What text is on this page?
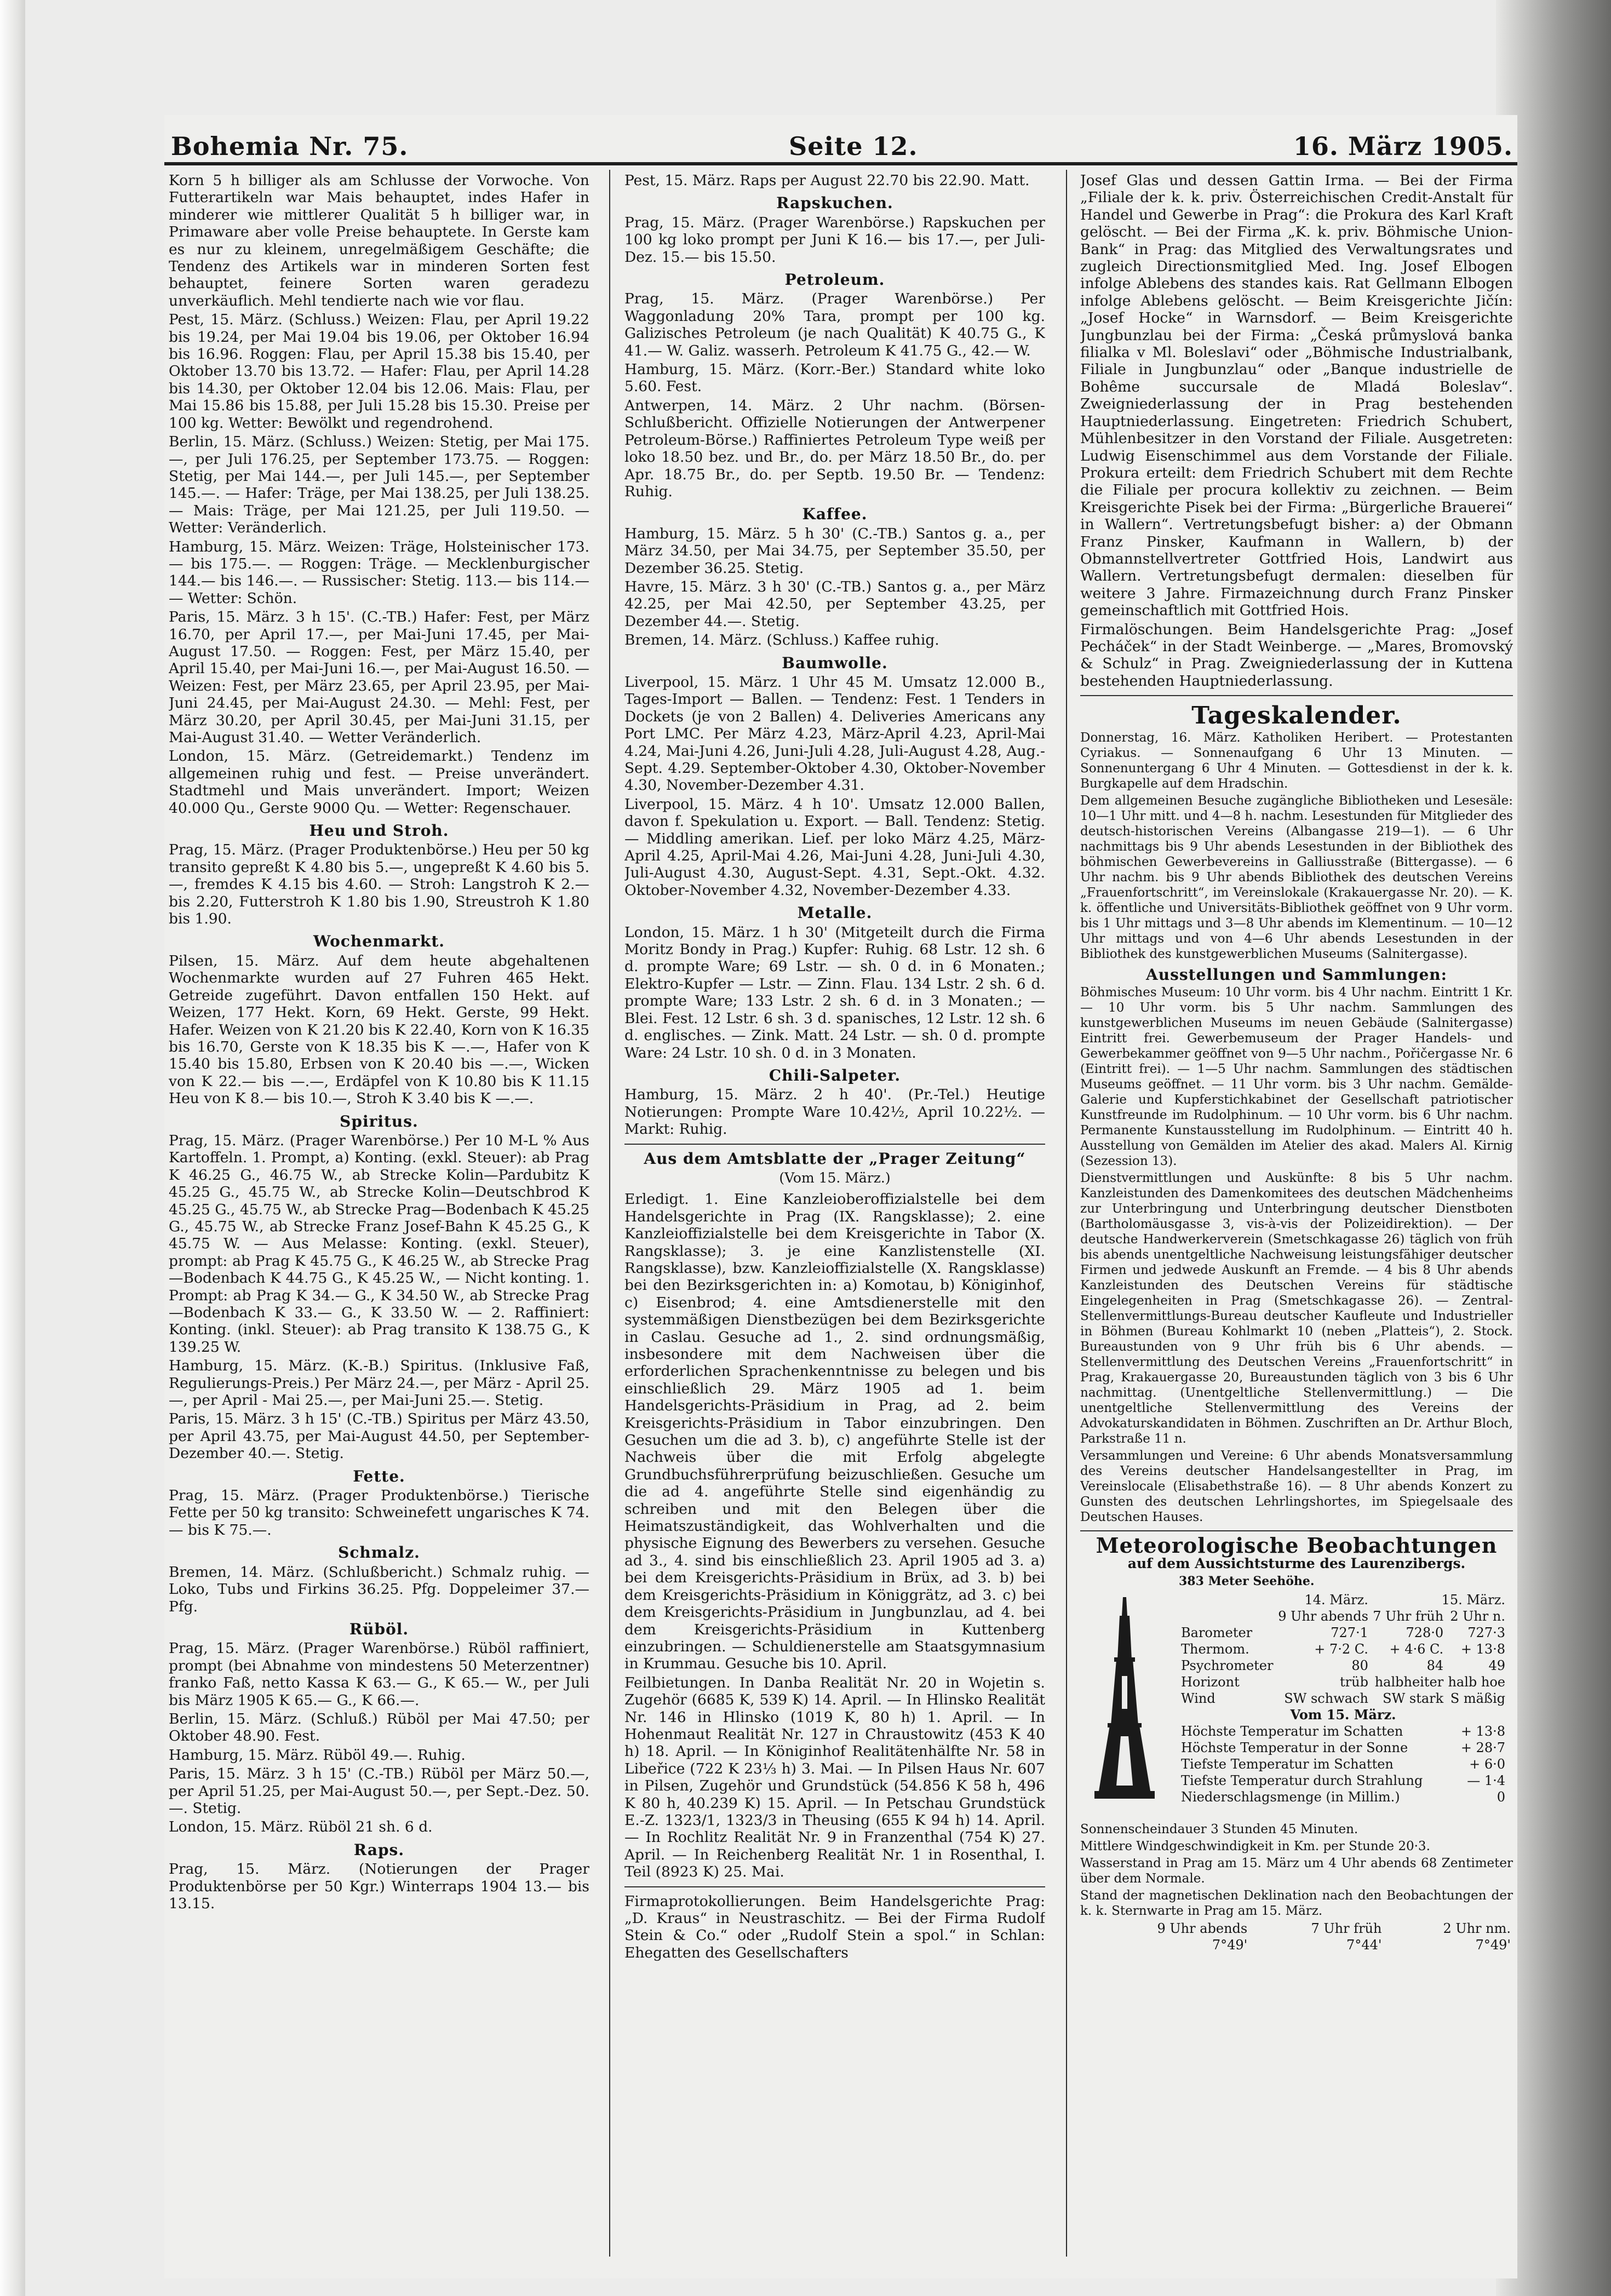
Bohemia Nr. 75.	Seite 12.	16. März 1905.

Korn 5 h billiger als am Schlusse der Vorwoche. Von Futterartikeln war Mais behauptet, indes Hafer in minderer wie mittlerer Qualität 5 h billiger war, in Primaware aber volle Preise behauptete. In Gerste kam es nur zu kleinem, unregelmäßigem Geschäfte; die Tendenz des Artikels war in minderen Sorten fest behauptet, feinere Sorten waren geradezu unverkäuflich. Mehl tendierte nach wie vor flau.

Pest, 15. März. (Schluss.) Weizen: Flau, per April 19.22 bis 19.24, per Mai 19.04 bis 19.06, per Oktober 16.94 bis 16.96. Roggen: Flau, per April 15.38 bis 15.40, per Oktober 13.70 bis 13.72. — Hafer: Flau, per April 14.28 bis 14.30, per Oktober 12.04 bis 12.06. Mais: Flau, per Mai 15.86 bis 15.88, per Juli 15.28 bis 15.30. Preise per 100 kg. Wetter: Bewölkt und regendrohend.

Berlin, 15. März. (Schluss.) Weizen: Stetig, per Mai 175.—, per Juli 176.25, per September 173.75. — Roggen: Stetig, per Mai 144.—, per Juli 145.—, per September 145.—. — Hafer: Träge, per Mai 138.25, per Juli 138.25. — Mais: Träge, per Mai 121.25, per Juli 119.50. — Wetter: Veränderlich.

Hamburg, 15. März. Weizen: Träge, Holsteinischer 173.— bis 175.—. — Roggen: Träge. — Mecklenburgischer 144.— bis 146.—. — Russischer: Stetig. 113.— bis 114.— — Wetter: Schön.

Paris, 15. März. 3 h 15'. (C.-TB.) Hafer: Fest, per März 16.70, per April 17.—, per Mai-Juni 17.45, per Mai-August 17.50. — Roggen: Fest, per März 15.40, per April 15.40, per Mai-Juni 16.—, per Mai-August 16.50. — Weizen: Fest, per März 23.65, per April 23.95, per Mai-Juni 24.45, per Mai-August 24.30. — Mehl: Fest, per März 30.20, per April 30.45, per Mai-Juni 31.15, per Mai-August 31.40. — Wetter Veränderlich.

London, 15. März. (Getreidemarkt.) Tendenz im allgemeinen ruhig und fest. — Preise unverändert. Stadtmehl und Mais unverändert. Import; Weizen 40.000 Qu., Gerste 9000 Qu. — Wetter: Regenschauer.

Heu und Stroh.

Prag, 15. März. (Prager Produktenbörse.) Heu per 50 kg transito gepreßt K 4.80 bis 5.—, ungepreßt K 4.60 bis 5.—, fremdes K 4.15 bis 4.60. — Stroh: Langstroh K 2.— bis 2.20, Futterstroh K 1.80 bis 1.90, Streustroh K 1.80 bis 1.90.

Wochenmarkt.

Pilsen, 15. März. Auf dem heute abgehaltenen Wochenmarkte wurden auf 27 Fuhren 465 Hekt. Getreide zugeführt. Davon entfallen 150 Hekt. auf Weizen, 177 Hekt. Korn, 69 Hekt. Gerste, 99 Hekt. Hafer. Weizen von K 21.20 bis K 22.40, Korn von K 16.35 bis 16.70, Gerste von K 18.35 bis K —.—, Hafer von K 15.40 bis 15.80, Erbsen von K 20.40 bis —.—, Wicken von K 22.— bis —.—, Erdäpfel von K 10.80 bis K 11.15 Heu von K 8.— bis 10.—, Stroh K 3.40 bis K —.—.

Spiritus.

Prag, 15. März. (Prager Warenbörse.) Per 10 M-L % Aus Kartoffeln. 1. Prompt, a) Konting. (exkl. Steuer): ab Prag K 46.25 G., 46.75 W., ab Strecke Kolin—Pardubitz K 45.25 G., 45.75 W., ab Strecke Kolin—Deutschbrod K 45.25 G., 45.75 W., ab Strecke Prag—Bodenbach K 45.25 G., 45.75 W., ab Strecke Franz Josef-Bahn K 45.25 G., K 45.75 W. — Aus Melasse: Konting. (exkl. Steuer), prompt: ab Prag K 45.75 G., K 46.25 W., ab Strecke Prag—Bodenbach K 44.75 G., K 45.25 W., — Nicht konting. 1. Prompt: ab Prag K 34.— G., K 34.50 W., ab Strecke Prag—Bodenbach K 33.— G., K 33.50 W. — 2. Raffiniert: Konting. (inkl. Steuer): ab Prag transito K 138.75 G., K 139.25 W.

Hamburg, 15. März. (K.-B.) Spiritus. (Inklusive Faß, Regulierungs-Preis.) Per März 24.—, per März - April 25.—, per April - Mai 25.—, per Mai-Juni 25.—. Stetig.

Paris, 15. März. 3 h 15' (C.-TB.) Spiritus per März 43.50, per April 43.75, per Mai-August 44.50, per September-Dezember 40.—. Stetig.

Fette.

Prag, 15. März. (Prager Produktenbörse.) Tierische Fette per 50 kg transito: Schweinefett ungarisches K 74.— bis K 75.—.

Schmalz.

Bremen, 14. März. (Schlußbericht.) Schmalz ruhig. — Loko, Tubs und Firkins 36.25. Pfg. Doppeleimer 37.— Pfg.

Rüböl.

Prag, 15. März. (Prager Warenbörse.) Rüböl raffiniert, prompt (bei Abnahme von mindestens 50 Meterzentner) franko Faß, netto Kassa K 63.— G., K 65.— W., per Juli bis März 1905 K 65.— G., K 66.—.

Berlin, 15. März. (Schluß.) Rüböl per Mai 47.50; per Oktober 48.90. Fest.

Hamburg, 15. März. Rüböl 49.—. Ruhig.

Paris, 15. März. 3 h 15' (C.-TB.) Rüböl per März 50.—, per April 51.25, per Mai-August 50.—, per Sept.-Dez. 50.—. Stetig.

London, 15. März. Rüböl 21 sh. 6 d.

Raps.

Prag, 15. März. (Notierungen der Prager Produktenbörse per 50 Kgr.) Winterraps 1904 13.— bis 13.15.

Pest, 15. März. Raps per August 22.70 bis 22.90. Matt.

Rapskuchen.

Prag, 15. März. (Prager Warenbörse.) Rapskuchen per 100 kg loko prompt per Juni K 16.— bis 17.—, per Juli-Dez. 15.— bis 15.50.

Petroleum.

Prag, 15. März. (Prager Warenbörse.) Per Waggonladung 20% Tara, prompt per 100 kg. Galizisches Petroleum (je nach Qualität) K 40.75 G., K 41.— W. Galiz. wasserh. Petroleum K 41.75 G., 42.— W.

Hamburg, 15. März. (Korr.-Ber.) Standard white loko 5.60. Fest.

Antwerpen, 14. März. 2 Uhr nachm. (Börsen-Schlußbericht. Offizielle Notierungen der Antwerpener Petroleum-Börse.) Raffiniertes Petroleum Type weiß per loko 18.50 bez. und Br., do. per März 18.50 Br., do. per Apr. 18.75 Br., do. per Septb. 19.50 Br. — Tendenz: Ruhig.

Kaffee.

Hamburg, 15. März. 5 h 30' (C.-TB.) Santos g. a., per März 34.50, per Mai 34.75, per September 35.50, per Dezember 36.25. Stetig.

Havre, 15. März. 3 h 30' (C.-TB.) Santos g. a., per März 42.25, per Mai 42.50, per September 43.25, per Dezember 44.—. Stetig.

Bremen, 14. März. (Schluss.) Kaffee ruhig.

Baumwolle.

Liverpool, 15. März. 1 Uhr 45 M. Umsatz 12.000 B., Tages-Import — Ballen. — Tendenz: Fest. 1 Tenders in Dockets (je von 2 Ballen) 4. Deliveries Americans any Port LMC. Per März 4.23, März-April 4.23, April-Mai 4.24, Mai-Juni 4.26, Juni-Juli 4.28, Juli-August 4.28, Aug.-Sept. 4.29. September-Oktober 4.30, Oktober-November 4.30, November-Dezember 4.31.

Liverpool, 15. März. 4 h 10'. Umsatz 12.000 Ballen, davon f. Spekulation u. Export. — Ball. Tendenz: Stetig. — Middling amerikan. Lief. per loko März 4.25, März-April 4.25, April-Mai 4.26, Mai-Juni 4.28, Juni-Juli 4.30, Juli-August 4.30, August-Sept. 4.31, Sept.-Okt. 4.32. Oktober-November 4.32, November-Dezember 4.33.

Metalle.

London, 15. März. 1 h 30' (Mitgeteilt durch die Firma Moritz Bondy in Prag.) Kupfer: Ruhig. 68 Lstr. 12 sh. 6 d. prompte Ware; 69 Lstr. — sh. 0 d. in 6 Monaten.; Elektro-Kupfer — Lstr. — Zinn. Flau. 134 Lstr. 2 sh. 6 d. prompte Ware; 133 Lstr. 2 sh. 6 d. in 3 Monaten.; — Blei. Fest. 12 Lstr. 6 sh. 3 d. spanisches, 12 Lstr. 12 sh. 6 d. englisches. — Zink. Matt. 24 Lstr. — sh. 0 d. prompte Ware: 24 Lstr. 10 sh. 0 d. in 3 Monaten.

Chili-Salpeter.

Hamburg, 15. März. 2 h 40'. (Pr.-Tel.) Heutige Notierungen: Prompte Ware 10.42½, April 10.22½. — Markt: Ruhig.

Aus dem Amtsblatte der „Prager Zeitung“
(Vom 15. März.)

Erledigt. 1. Eine Kanzleioberoffizialstelle bei dem Handelsgerichte in Prag (IX. Rangsklasse); 2. eine Kanzleioffizialstelle bei dem Kreisgerichte in Tabor (X. Rangsklasse); 3. je eine Kanzlistenstelle (XI. Rangsklasse), bzw. Kanzleioffizialstelle (X. Rangsklasse) bei den Bezirksgerichten in: a) Komotau, b) Königinhof, c) Eisenbrod; 4. eine Amtsdienerstelle mit den systemmäßigen Dienstbezügen bei dem Bezirksgerichte in Caslau. Gesuche ad 1., 2. sind ordnungsmäßig, insbesondere mit dem Nachweisen über die erforderlichen Sprachenkenntnisse zu belegen und bis einschließlich 29. März 1905 ad 1. beim Handelsgerichts-Präsidium in Prag, ad 2. beim Kreisgerichts-Präsidium in Tabor einzubringen. Den Gesuchen um die ad 3. b), c) angeführte Stelle ist der Nachweis über die mit Erfolg abgelegte Grundbuchsführerprüfung beizuschließen. Gesuche um die ad 4. angeführte Stelle sind eigenhändig zu schreiben und mit den Belegen über die Heimatszuständigkeit, das Wohlverhalten und die physische Eignung des Bewerbers zu versehen. Gesuche ad 3., 4. sind bis einschließlich 23. April 1905 ad 3. a) bei dem Kreisgerichts-Präsidium in Brüx, ad 3. b) bei dem Kreisgerichts-Präsidium in Königgrätz, ad 3. c) bei dem Kreisgerichts-Präsidium in Jungbunzlau, ad 4. bei dem Kreisgerichts-Präsidium in Kuttenberg einzubringen. — Schuldienerstelle am Staatsgymnasium in Krummau. Gesuche bis 10. April.

Feilbietungen. In Danba Realität Nr. 20 in Wojetin s. Zugehör (6685 K, 539 K) 14. April. — In Hlinsko Realität Nr. 146 in Hlinsko (1019 K, 80 h) 1. April. — In Hohenmaut Realität Nr. 127 in Chraustowitz (453 K 40 h) 18. April. — In Königinhof Realitätenhälfte Nr. 58 in Libeřice (722 K 23⅓ h) 3. Mai. — In Pilsen Haus Nr. 607 in Pilsen, Zugehör und Grundstück (54.856 K 58 h, 496 K 80 h, 40.239 K) 15. April. — In Petschau Grundstück E.-Z. 1323/1, 1323/3 in Theusing (655 K 94 h) 14. April. — In Rochlitz Realität Nr. 9 in Franzenthal (754 K) 27. April. — In Reichenberg Realität Nr. 1 in Rosenthal, I. Teil (8923 K) 25. Mai.

Firmaprotokollierungen. Beim Handelsgerichte Prag: „D. Kraus“ in Neustraschitz. — Bei der Firma Rudolf Stein & Co.“ oder „Rudolf Stein a spol.“ in Schlan: Ehegatten des Gesellschafters

Josef Glas und dessen Gattin Irma. — Bei der Firma „Filiale der k. k. priv. Österreichischen Credit-Anstalt für Handel und Gewerbe in Prag“: die Prokura des Karl Kraft gelöscht. — Bei der Firma „K. k. priv. Böhmische Union-Bank“ in Prag: das Mitglied des Verwaltungsrates und zugleich Directionsmitglied Med. Ing. Josef Elbogen infolge Ablebens des standes kais. Rat Gellmann Elbogen infolge Ablebens gelöscht. — Beim Kreisgerichte Jičín: „Josef Hocke“ in Warnsdorf. — Beim Kreisgerichte Jungbunzlau bei der Firma: „Česká průmyslová banka filialka v Ml. Boleslavi“ oder „Böhmische Industrialbank, Filiale in Jungbunzlau“ oder „Banque industrielle de Bohême succursale de Mladá Boleslav“. Zweigniederlassung der in Prag bestehenden Hauptniederlassung. Eingetreten: Friedrich Schubert, Mühlenbesitzer in den Vorstand der Filiale. Ausgetreten: Ludwig Eisenschimmel aus dem Vorstande der Filiale. Prokura erteilt: dem Friedrich Schubert mit dem Rechte die Filiale per procura kollektiv zu zeichnen. — Beim Kreisgerichte Pisek bei der Firma: „Bürgerliche Brauerei“ in Wallern“. Vertretungsbefugt bisher: a) der Obmann Franz Pinsker, Kaufmann in Wallern, b) der Obmannstellvertreter Gottfried Hois, Landwirt aus Wallern. Vertretungsbefugt dermalen: dieselben für weitere 3 Jahre. Firmazeichnung durch Franz Pinsker gemeinschaftlich mit Gottfried Hois.

Firmalöschungen. Beim Handelsgerichte Prag: „Josef Pecháček“ in der Stadt Weinberge. — „Mares, Bromovský & Schulz“ in Prag. Zweigniederlassung der in Kuttena bestehenden Hauptniederlassung.

Tageskalender.

Donnerstag, 16. März. Katholiken Heribert. — Protestanten Cyriakus. — Sonnenaufgang 6 Uhr 13 Minuten. — Sonnenuntergang 6 Uhr 4 Minuten. — Gottesdienst in der k. k. Burgkapelle auf dem Hradschin.

Dem allgemeinen Besuche zugängliche Bibliotheken und Lesesäle: 10—1 Uhr mitt. und 4—8 h. nachm. Lesestunden für Mitglieder des deutsch-historischen Vereins (Albangasse 219—1). — 6 Uhr nachmittags bis 9 Uhr abends Lesestunden in der Bibliothek des böhmischen Gewerbevereins in Galliusstraße (Bittergasse). — 6 Uhr nachm. bis 9 Uhr abends Bibliothek des deutschen Vereins „Frauenfortschritt“, im Vereinslokale (Krakauergasse Nr. 20). — K. k. öffentliche und Universitäts-Bibliothek geöffnet von 9 Uhr vorm. bis 1 Uhr mittags und 3—8 Uhr abends im Klementinum. — 10—12 Uhr mittags und von 4—6 Uhr abends Lesestunden in der Bibliothek des kunstgewerblichen Museums (Salnitergasse).

Ausstellungen und Sammlungen:

Böhmisches Museum: 10 Uhr vorm. bis 4 Uhr nachm. Eintritt 1 Kr. — 10 Uhr vorm. bis 5 Uhr nachm. Sammlungen des kunstgewerblichen Museums im neuen Gebäude (Salnitergasse) Eintritt frei. Gewerbemuseum der Prager Handels- und Gewerbekammer geöffnet von 9—5 Uhr nachm., Pořičergasse Nr. 6 (Eintritt frei). — 1—5 Uhr nachm. Sammlungen des städtischen Museums geöffnet. — 11 Uhr vorm. bis 3 Uhr nachm. Gemälde-Galerie und Kupferstichkabinet der Gesellschaft patriotischer Kunstfreunde im Rudolphinum. — 10 Uhr vorm. bis 6 Uhr nachm. Permanente Kunstausstellung im Rudolphinum. — Eintritt 40 h. Ausstellung von Gemälden im Atelier des akad. Malers Al. Kirnig (Sezession 13).

Dienstvermittlungen und Auskünfte: 8 bis 5 Uhr nachm. Kanzleistunden des Damenkomitees des deutschen Mädchenheims zur Unterbringung und Unterbringung deutscher Dienstboten (Bartholomäusgasse 3, vis-à-vis der Polizeidirektion). — Der deutsche Handwerkerverein (Smetschkagasse 26) täglich von früh bis abends unentgeltliche Nachweisung leistungsfähiger deutscher Firmen und jedwede Auskunft an Fremde. — 4 bis 8 Uhr abends Kanzleistunden des Deutschen Vereins für städtische Eingelegenheiten in Prag (Smetschkagasse 26). — Zentral-Stellenvermittlungs-Bureau deutscher Kaufleute und Industrieller in Böhmen (Bureau Kohlmarkt 10 (neben „Platteis“), 2. Stock. Bureaustunden von 9 Uhr früh bis 6 Uhr abends. — Stellenvermittlung des Deutschen Vereins „Frauenfortschritt“ in Prag, Krakauergasse 20, Bureaustunden täglich von 3 bis 6 Uhr nachmittag. (Unentgeltliche Stellenvermittlung.) — Die unentgeltliche Stellenvermittlung des Vereins der Advokaturskandidaten in Böhmen. Zuschriften an Dr. Arthur Bloch, Parkstraße 11 n.

Versammlungen und Vereine: 6 Uhr abends Monatsversammlung des Vereins deutscher Handelsangestellter in Prag, im Vereinslocale (Elisabethstraße 16). — 8 Uhr abends Konzert zu Gunsten des deutschen Lehrlingshortes, im Spiegelsaale des Deutschen Hauses.

Meteorologische Beobachtungen
auf dem Aussichtsturme des Laurenzibergs.
383 Meter Seehöhe.
	14. März.	15. März.	
	9 Uhr abends	7 Uhr früh	2 Uhr n.
Barometer	727·1	728·0	727·3
Thermom.	+ 7·2 C.	+ 4·6 C.	+ 13·8
Psychrometer	80	84	49
Horizont	trüb	halbheiter	halb hoe
Wind	SW schwach	SW stark	S mäßig
Vom 15. März.			
Höchste Temperatur im Schatten			+ 13·8
Höchste Temperatur in der Sonne			+ 28·7
Tiefste Temperatur im Schatten			+ 6·0
Tiefste Temperatur durch Strahlung			— 1·4
Niederschlagsmenge (in Millim.)			0

Sonnenscheindauer 3 Stunden 45 Minuten.

Mittlere Windgeschwindigkeit in Km. per Stunde 20·3.

Wasserstand in Prag am 15. März um 4 Uhr abends 68 Zentimeter über dem Normale.

Stand der magnetischen Deklination nach den Beobachtungen der k. k. Sternwarte in Prag am 15. März.

9 Uhr abends	7 Uhr früh	2 Uhr nm.
7°49'	7°44'	7°49'
